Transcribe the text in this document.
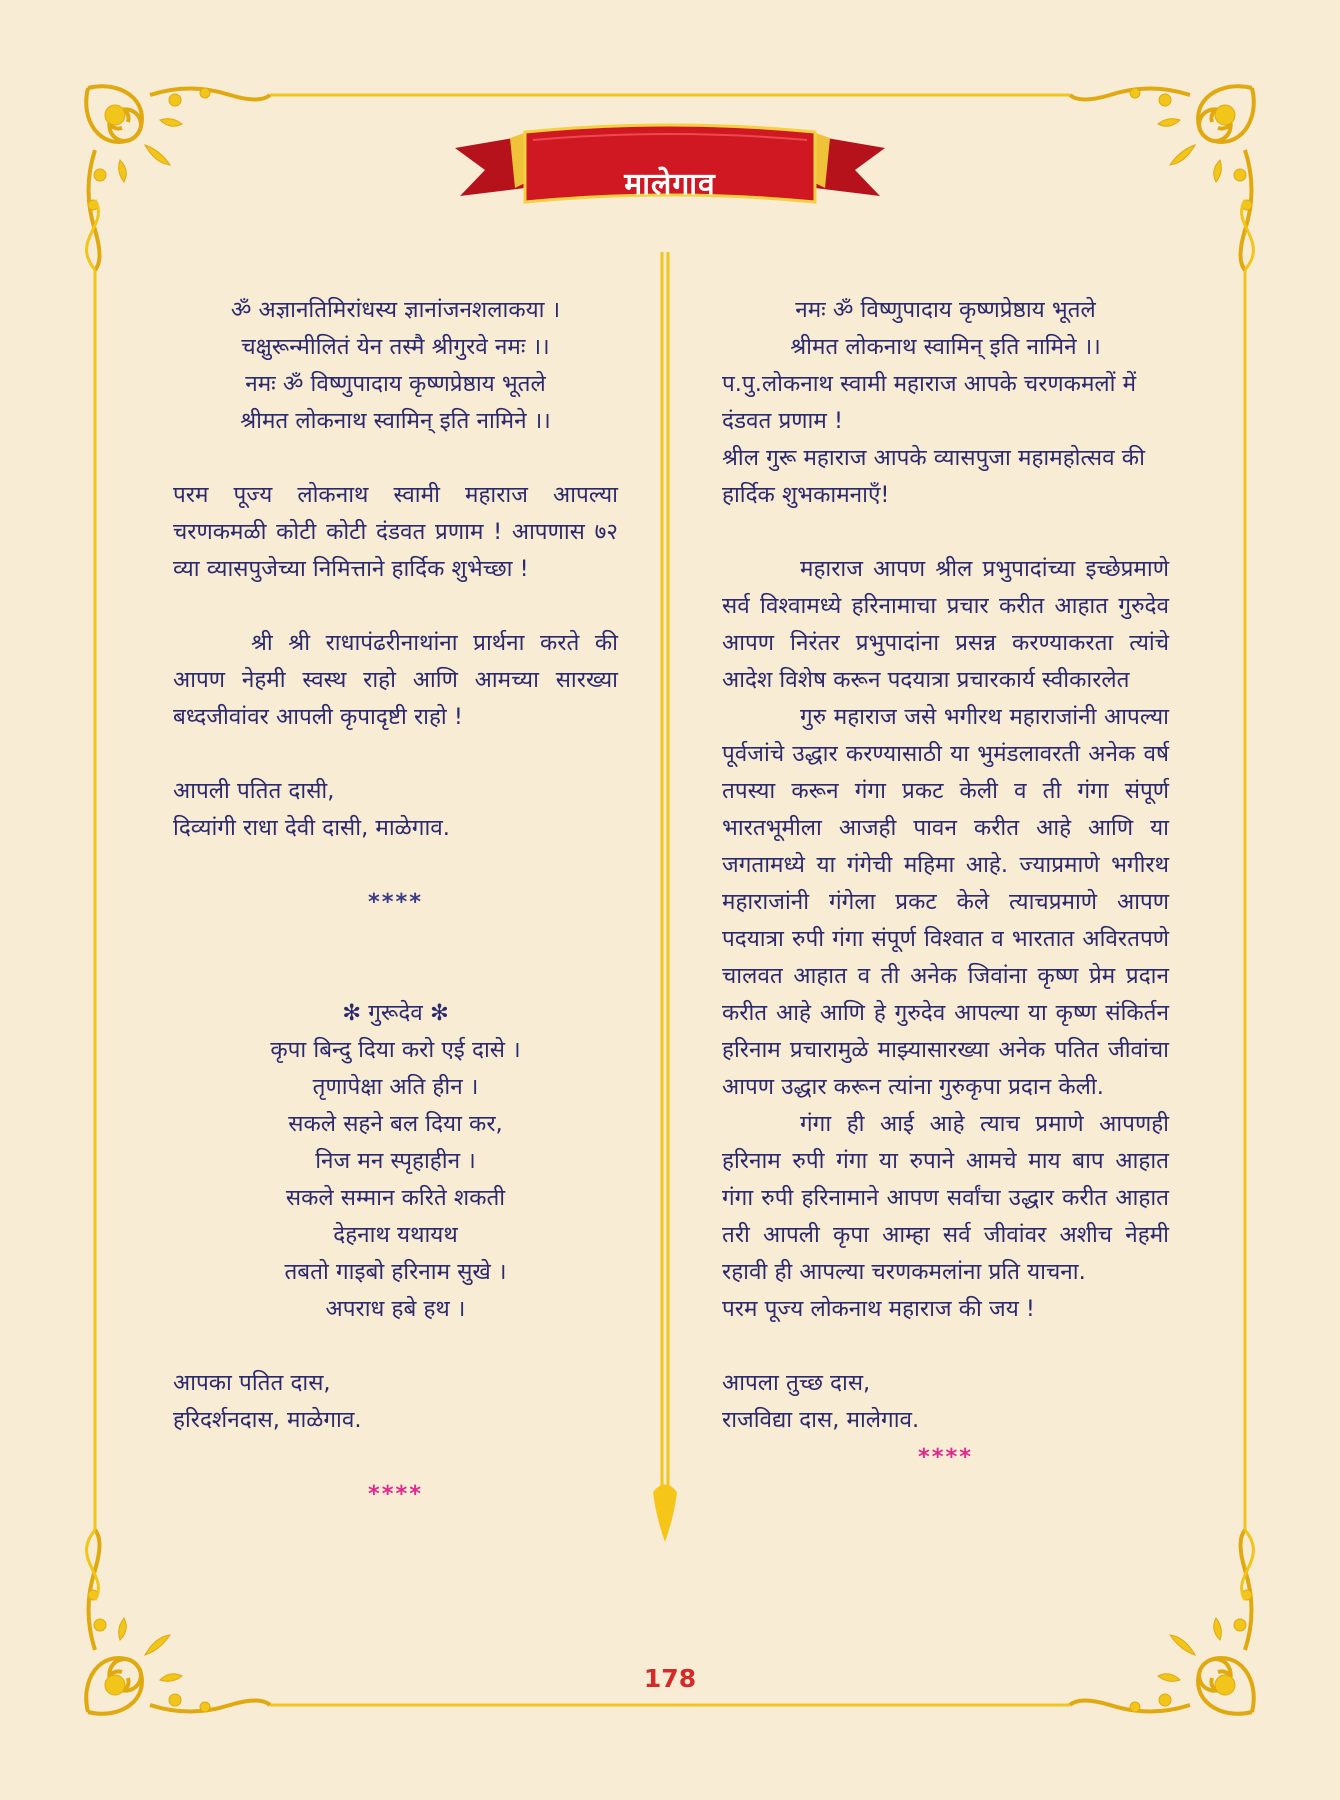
मालेगाव
ॐ अज्ञानतिमिरांधस्य ज्ञानांजनशलाकया ।
चक्षुरून्मीलितं येन तस्मै श्रीगुरवे नमः ।।
नमः ॐ विष्णुपादाय कृष्णप्रेष्ठाय भूतले
श्रीमत लोकनाथ स्वामिन् इति नामिने ।।
परम पूज्य लोकनाथ स्वामी महाराज आपल्या चरणकमळी कोटी कोटी दंडवत प्रणाम ! आपणास ७२ व्या व्यासपुजेच्या निमित्ताने हार्दिक शुभेच्छा !
श्री श्री राधापंढरीनाथांना प्रार्थना करते की आपण नेहमी स्वस्थ राहो आणि आमच्या सारख्या बध्दजीवांवर आपली कृपादृष्टी राहो !
आपली पतित दासी,
दिव्यांगी राधा देवी दासी, माळेगाव.
****
✻ गुरूदेव ✻
कृपा बिन्दु दिया करो एई दासे ।
तृणापेक्षा अति हीन ।
सकले सहने बल दिया कर,
निज मन स्पृहाहीन ।
सकले सम्मान करिते शकती
देहनाथ यथायथ
तबतो गाइबो हरिनाम सुखे ।
अपराध हबे हथ ।
आपका पतित दास,
हरिदर्शनदास, माळेगाव.
****
नमः ॐ विष्णुपादाय कृष्णप्रेष्ठाय भूतले
श्रीमत लोकनाथ स्वामिन् इति नामिने ।।
प.पु.लोकनाथ स्वामी महाराज आपके चरणकमलों में दंडवत प्रणाम !
श्रील गुरू महाराज आपके व्यासपुजा महामहोत्सव की हार्दिक शुभकामनाएँ!
महाराज आपण श्रील प्रभुपादांच्या इच्छेप्रमाणे सर्व विश्वामध्ये हरिनामाचा प्रचार करीत आहात गुरुदेव आपण निरंतर प्रभुपादांना प्रसन्न करण्याकरता त्यांचे आदेश विशेष करून पदयात्रा प्रचारकार्य स्वीकारलेत
गुरु महाराज जसे भगीरथ महाराजांनी आपल्या पूर्वजांचे उद्धार करण्यासाठी या भुमंडलावरती अनेक वर्ष तपस्या करून गंगा प्रकट केली व ती गंगा संपूर्ण भारतभूमीला आजही पावन करीत आहे आणि या जगतामध्ये या गंगेची महिमा आहे. ज्याप्रमाणे भगीरथ महाराजांनी गंगेला प्रकट केले त्याचप्रमाणे आपण पदयात्रा रुपी गंगा संपूर्ण विश्वात व भारतात अविरतपणे चालवत आहात व ती अनेक जिवांना कृष्ण प्रेम प्रदान करीत आहे आणि हे गुरुदेव आपल्या या कृष्ण संकिर्तन हरिनाम प्रचारामुळे माझ्यासारख्या अनेक पतित जीवांचा आपण उद्धार करून त्यांना गुरुकृपा प्रदान केली.
गंगा ही आई आहे त्याच प्रमाणे आपणही हरिनाम रुपी गंगा या रुपाने आमचे माय बाप आहात गंगा रुपी हरिनामाने आपण सर्वांचा उद्धार करीत आहात तरी आपली कृपा आम्हा सर्व जीवांवर अशीच नेहमी रहावी ही आपल्या चरणकमलांना प्रति याचना.
परम पूज्य लोकनाथ महाराज की जय !
आपला तुच्छ दास,
राजविद्या दास, मालेगाव.
****
178
